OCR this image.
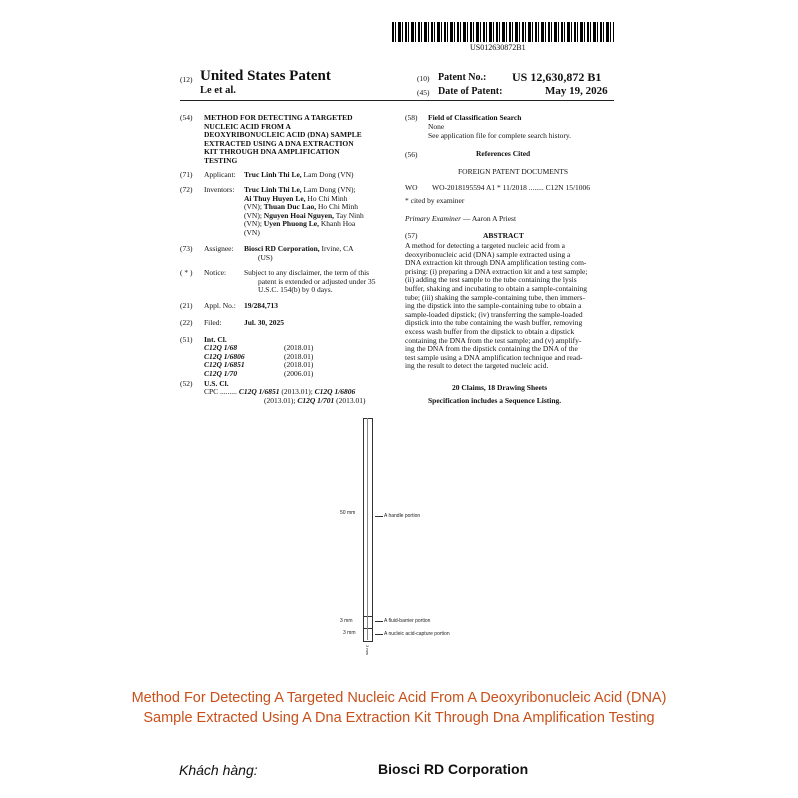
US012630872B1
(12) United States Patent
Le et al.
(10) Patent No.: US 12,630,872 B1
(45) Date of Patent:	May 19, 2026
(54) METHOD FOR DETECTING A TARGETED
NUCLEIC ACID FROM A
DEOXYRIBONUCLEIC ACID (DNA) SAMPLE
EXTRACTED USING A DNA EXTRACTION
KIT THROUGH DNA AMPLIFICATION
TESTING
(71) Applicant: Truc Linh Thi Le, Lam Dong (VN)
(72) Inventors: Truc Linh Thi Le, Lam Dong (VN);
Ai Thuy Huyen Le, Ho Chi Minh
(VN); Thuan Duc Lao, Ho Chi Minh
(VN); Nguyen Hoai Nguyen, Tay Ninh
(VN); Uyen Phuong Le, Khanh Hoa
(VN)
(73) Assignee: Biosci RD Corporation, Irvine, CA
(US)
( * ) Notice: Subject to any disclaimer, the term of this
patent is extended or adjusted under 35
U.S.C. 154(b) by 0 days.
(21) Appl. No.: 19/284,713
(22) Filed:	Jul. 30, 2025
(51) Int. Cl.
C12Q 1/68	(2018.01)
C12Q 1/6806	(2018.01)
C12Q 1/6851	(2018.01)
C12Q 1/70	(2006.01)
(52) U.S. Cl.
CPC ......... C12Q 1/6851 (2013.01); C12Q 1/6806
(2013.01); C12Q 1/701 (2013.01)
(58) Field of Classification Search
None
See application file for complete search history.
(56)	References Cited
FOREIGN PATENT DOCUMENTS
WO WO-2018195594 A1 * 11/2018 ........ C12N 15/1006
* cited by examiner
Primary Examiner — Aaron A Priest
(57)	ABSTRACT
A method for detecting a targeted nucleic acid from a
deoxyribonucleic acid (DNA) sample extracted using a
DNA extraction kit through DNA amplification testing com-
prising: (i) preparing a DNA extraction kit and a test sample;
(ii) adding the test sample to the tube containing the lysis
buffer, shaking and incubating to obtain a sample-containing
tube; (iii) shaking the sample-containing tube, then immers-
ing the dipstick into the sample-containing tube to obtain a
sample-loaded dipstick; (iv) transferring the sample-loaded
dipstick into the tube containing the wash buffer, removing
excess wash buffer from the dipstick to obtain a dipstick
containing the DNA from the test sample; and (v) amplify-
ing the DNA from the dipstick containing the DNA of the
test sample using a DNA amplification technique and read-
ing the result to detect the targeted nucleic acid.
20 Claims, 18 Drawing Sheets
Specification includes a Sequence Listing.
50 mm	A handle portion
3 mm	A fluid-barrier portion
3 mm	A nucleic acid-capture portion
3 mm
Method For Detecting A Targeted Nucleic Acid From A Deoxyribonucleic Acid (DNA)
Sample Extracted Using A Dna Extraction Kit Through Dna Amplification Testing
Khách hàng:	Biosci RD Corporation
